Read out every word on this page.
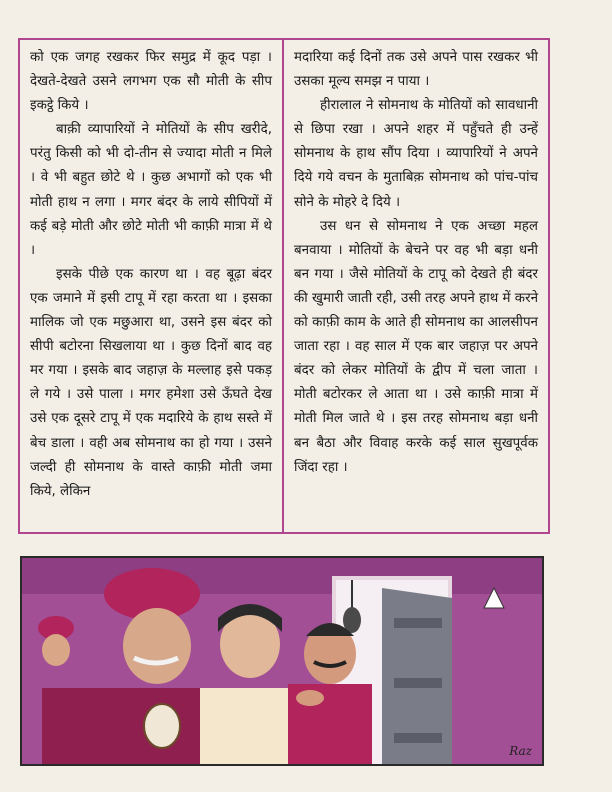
को एक जगह रखकर फिर समुद्र में कूद पड़ा । देखते-देखते उसने लगभग एक सौ मोती के सीप इकट्ठे किये ।

बाक़ी व्यापारियों ने मोतियों के सीप खरीदे, परंतु किसी को भी दो-तीन से ज्यादा मोती न मिले । वे भी बहुत छोटे थे । कुछ अभागों को एक भी मोती हाथ न लगा । मगर बंदर के लाये सीपियों में कई बड़े मोती और छोटे मोती भी काफ़ी मात्रा में थे ।

इसके पीछे एक कारण था । वह बूढ़ा बंदर एक जमाने में इसी टापू में रहा करता था । इसका मालिक जो एक मछुआरा था, उसने इस बंदर को सीपी बटोरना सिखलाया था । कुछ दिनों बाद वह मर गया । इसके बाद जहाज़ के मल्लाह इसे पकड़ ले गये । उसे पाला । मगर हमेशा उसे ऊँघते देख उसे एक दूसरे टापू में एक मदारिये के हाथ सस्ते में बेच डाला । वही अब सोमनाथ का हो गया । उसने जल्दी ही सोमनाथ के वास्ते काफ़ी मोती जमा किये, लेकिन

मदारिया कई दिनों तक उसे अपने पास रखकर भी उसका मूल्य समझ न पाया ।

हीरालाल ने सोमनाथ के मोतियों को सावधानी से छिपा रखा । अपने शहर में पहुँचते ही उन्हें सोमनाथ के हाथ सौंप दिया । व्यापारियों ने अपने दिये गये वचन के मुताबिक़ सोमनाथ को पांच-पांच सोने के मोहरे दे दिये ।

उस धन से सोमनाथ ने एक अच्छा महल बनवाया । मोतियों के बेचने पर वह भी बड़ा धनी बन गया । जैसे मोतियों के टापू को देखते ही बंदर की खुमारी जाती रही, उसी तरह अपने हाथ में करने को काफ़ी काम के आते ही सोमनाथ का आलसीपन जाता रहा । वह साल में एक बार जहाज़ पर अपने बंदर को लेकर मोतियों के द्वीप में चला जाता । मोती बटोरकर ले आता था । उसे काफ़ी मात्रा में मोती मिल जाते थे । इस तरह सोमनाथ बड़ा धनी बन बैठा और विवाह करके कई साल सुखपूर्वक जिंदा रहा ।

Raz
